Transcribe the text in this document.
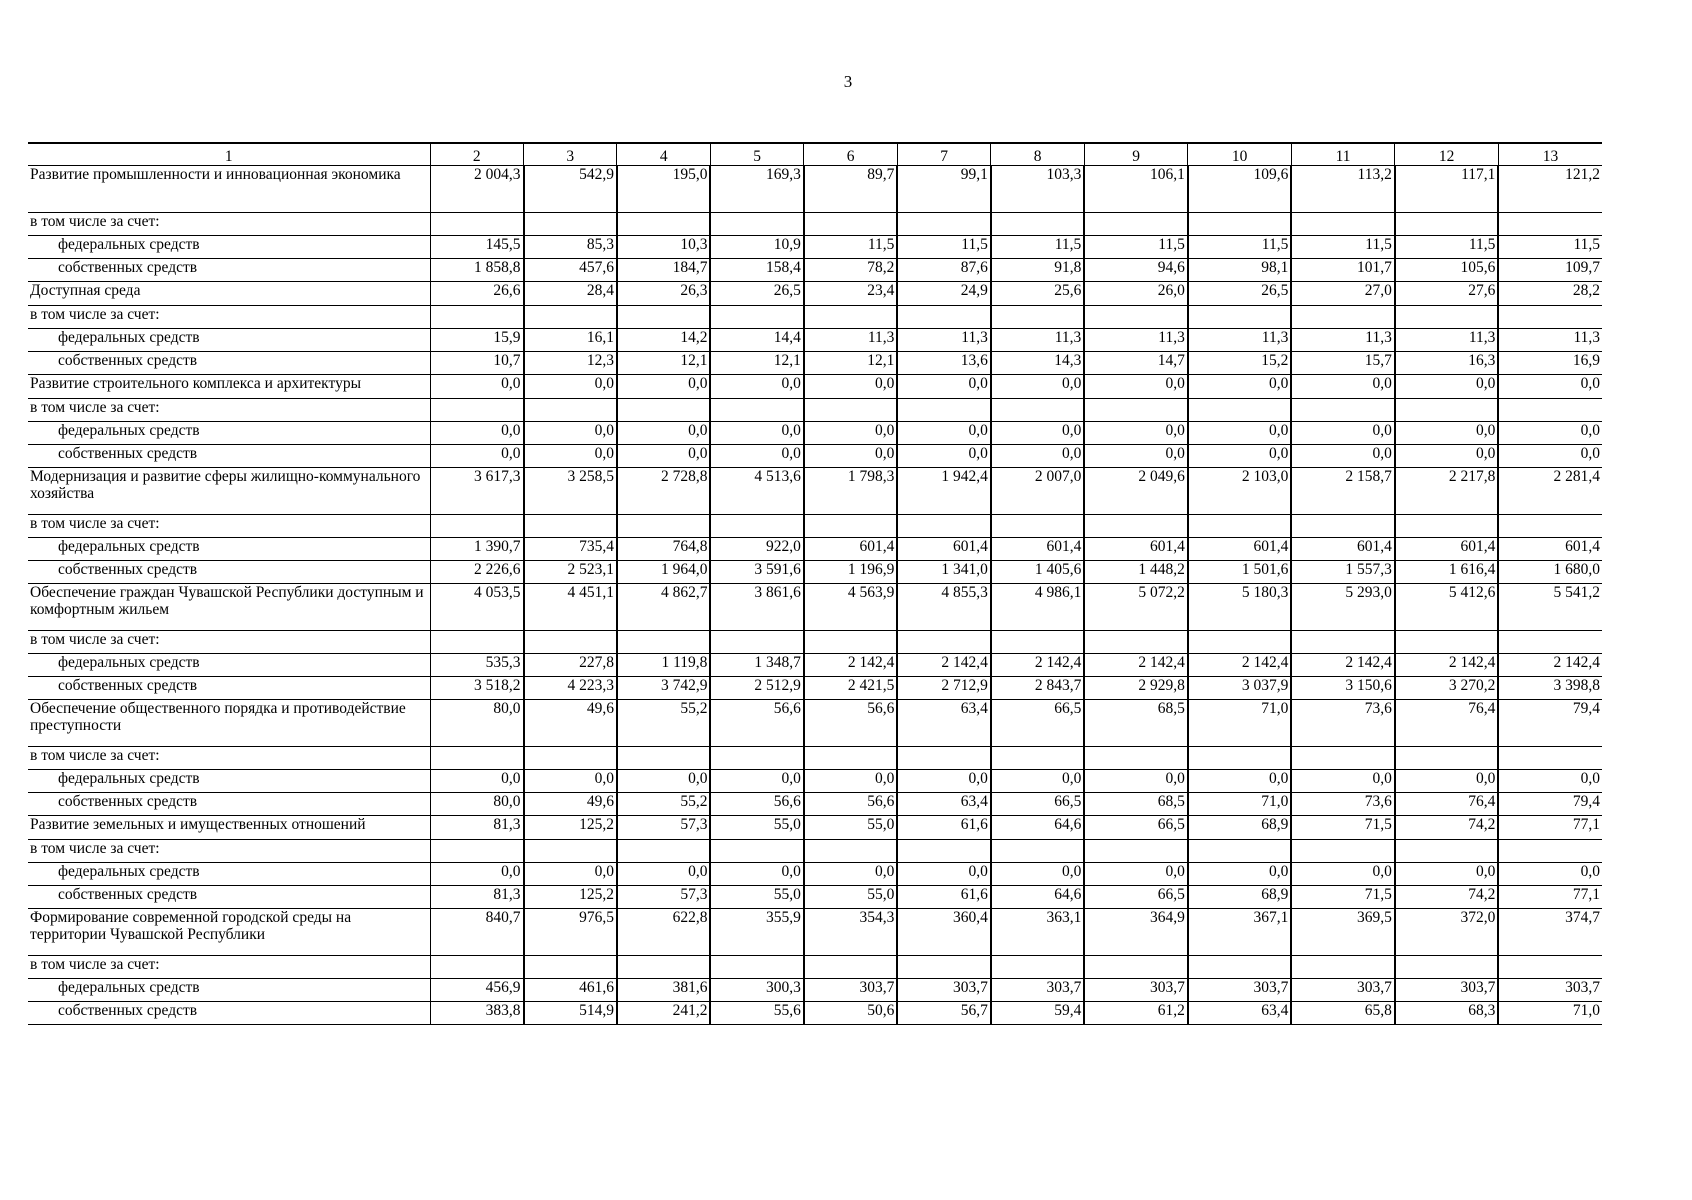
3
1	2	3	4	5	6	7	8	9	10	11	12	13
Развитие промышленности и инновационная экономика	2 004,3	542,9	195,0	169,3	89,7	99,1	103,3	106,1	109,6	113,2	117,1	121,2
в том числе за счет:												
федеральных средств	145,5	85,3	10,3	10,9	11,5	11,5	11,5	11,5	11,5	11,5	11,5	11,5
собственных средств	1 858,8	457,6	184,7	158,4	78,2	87,6	91,8	94,6	98,1	101,7	105,6	109,7
Доступная среда	26,6	28,4	26,3	26,5	23,4	24,9	25,6	26,0	26,5	27,0	27,6	28,2
в том числе за счет:												
федеральных средств	15,9	16,1	14,2	14,4	11,3	11,3	11,3	11,3	11,3	11,3	11,3	11,3
собственных средств	10,7	12,3	12,1	12,1	12,1	13,6	14,3	14,7	15,2	15,7	16,3	16,9
Развитие строительного комплекса и архитектуры	0,0	0,0	0,0	0,0	0,0	0,0	0,0	0,0	0,0	0,0	0,0	0,0
в том числе за счет:												
федеральных средств	0,0	0,0	0,0	0,0	0,0	0,0	0,0	0,0	0,0	0,0	0,0	0,0
собственных средств	0,0	0,0	0,0	0,0	0,0	0,0	0,0	0,0	0,0	0,0	0,0	0,0
Модернизация и развитие сферы жилищно-коммунального хозяйства	3 617,3	3 258,5	2 728,8	4 513,6	1 798,3	1 942,4	2 007,0	2 049,6	2 103,0	2 158,7	2 217,8	2 281,4
в том числе за счет:												
федеральных средств	1 390,7	735,4	764,8	922,0	601,4	601,4	601,4	601,4	601,4	601,4	601,4	601,4
собственных средств	2 226,6	2 523,1	1 964,0	3 591,6	1 196,9	1 341,0	1 405,6	1 448,2	1 501,6	1 557,3	1 616,4	1 680,0
Обеспечение граждан Чувашской Республики доступным и комфортным жильем	4 053,5	4 451,1	4 862,7	3 861,6	4 563,9	4 855,3	4 986,1	5 072,2	5 180,3	5 293,0	5 412,6	5 541,2
в том числе за счет:												
федеральных средств	535,3	227,8	1 119,8	1 348,7	2 142,4	2 142,4	2 142,4	2 142,4	2 142,4	2 142,4	2 142,4	2 142,4
собственных средств	3 518,2	4 223,3	3 742,9	2 512,9	2 421,5	2 712,9	2 843,7	2 929,8	3 037,9	3 150,6	3 270,2	3 398,8
Обеспечение общественного порядка и противодействие преступности	80,0	49,6	55,2	56,6	56,6	63,4	66,5	68,5	71,0	73,6	76,4	79,4
в том числе за счет:												
федеральных средств	0,0	0,0	0,0	0,0	0,0	0,0	0,0	0,0	0,0	0,0	0,0	0,0
собственных средств	80,0	49,6	55,2	56,6	56,6	63,4	66,5	68,5	71,0	73,6	76,4	79,4
Развитие земельных и имущественных отношений	81,3	125,2	57,3	55,0	55,0	61,6	64,6	66,5	68,9	71,5	74,2	77,1
в том числе за счет:												
федеральных средств	0,0	0,0	0,0	0,0	0,0	0,0	0,0	0,0	0,0	0,0	0,0	0,0
собственных средств	81,3	125,2	57,3	55,0	55,0	61,6	64,6	66,5	68,9	71,5	74,2	77,1
Формирование современной городской среды на территории Чувашской Республики	840,7	976,5	622,8	355,9	354,3	360,4	363,1	364,9	367,1	369,5	372,0	374,7
в том числе за счет:												
федеральных средств	456,9	461,6	381,6	300,3	303,7	303,7	303,7	303,7	303,7	303,7	303,7	303,7
собственных средств	383,8	514,9	241,2	55,6	50,6	56,7	59,4	61,2	63,4	65,8	68,3	71,0
